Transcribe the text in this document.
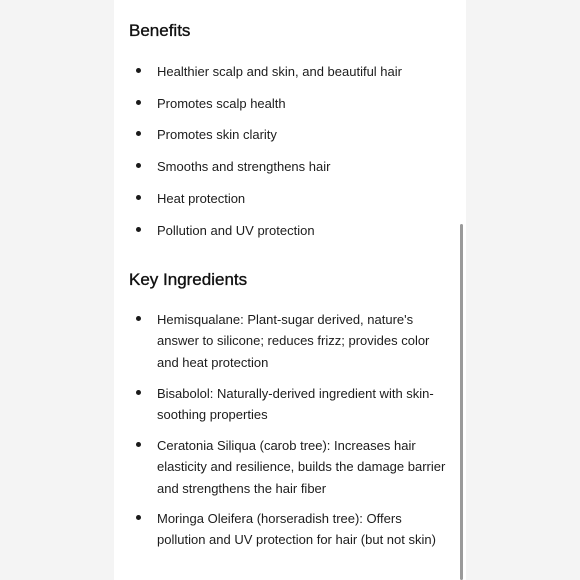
Benefits
Healthier scalp and skin, and beautiful hair
Promotes scalp health
Promotes skin clarity
Smooths and strengthens hair
Heat protection
Pollution and UV protection
Key Ingredients
Hemisqualane: Plant-sugar derived, nature's answer to silicone; reduces frizz; provides color and heat protection
Bisabolol: Naturally-derived ingredient with skin-soothing properties
Ceratonia Siliqua (carob tree): Increases hair elasticity and resilience, builds the damage barrier and strengthens the hair fiber
Moringa Oleifera (horseradish tree): Offers pollution and UV protection for hair (but not skin)
